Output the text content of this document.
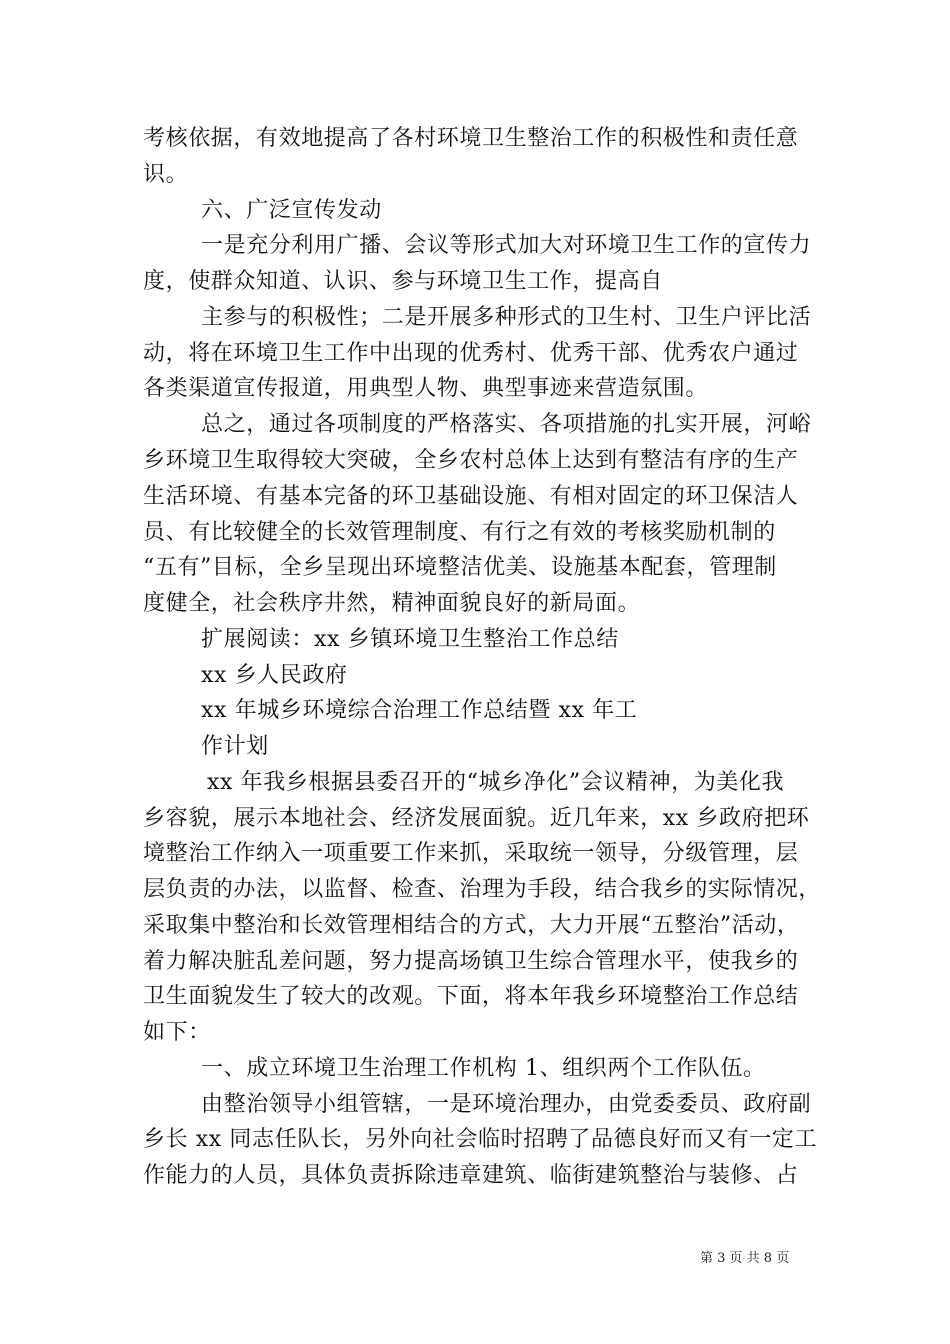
考核依据，有效地提高了各村环境卫生整治工作的积极性和责任意
识。
六、广泛宣传发动
一是充分利用广播、会议等形式加大对环境卫生工作的宣传力
度，使群众知道、认识、参与环境卫生工作，提高自
主参与的积极性；二是开展多种形式的卫生村、卫生户评比活
动，将在环境卫生工作中出现的优秀村、优秀干部、优秀农户通过
各类渠道宣传报道，用典型人物、典型事迹来营造氛围。
总之，通过各项制度的严格落实、各项措施的扎实开展，河峪
乡环境卫生取得较大突破，全乡农村总体上达到有整洁有序的生产
生活环境、有基本完备的环卫基础设施、有相对固定的环卫保洁人
员、有比较健全的长效管理制度、有行之有效的考核奖励机制的
“五有”目标，全乡呈现出环境整洁优美、设施基本配套，管理制
度健全，社会秩序井然，精神面貌良好的新局面。
扩展阅读：xx 乡镇环境卫生整治工作总结
xx 乡人民政府
xx 年城乡环境综合治理工作总结暨 xx 年工
作计划
xx 年我乡根据县委召开的“城乡净化”会议精神，为美化我
乡容貌，展示本地社会、经济发展面貌。近几年来，xx 乡政府把环
境整治工作纳入一项重要工作来抓，采取统一领导，分级管理，层
层负责的办法，以监督、检查、治理为手段，结合我乡的实际情况，
采取集中整治和长效管理相结合的方式，大力开展“五整治”活动，
着力解决脏乱差问题，努力提高场镇卫生综合管理水平，使我乡的
卫生面貌发生了较大的改观。下面，将本年我乡环境整治工作总结
如下：
一、成立环境卫生治理工作机构 1、组织两个工作队伍。
由整治领导小组管辖，一是环境治理办，由党委委员、政府副
乡长 xx 同志任队长，另外向社会临时招聘了品德良好而又有一定工
作能力的人员，具体负责拆除违章建筑、临街建筑整治与装修、占
第 3 页 共 8 页
